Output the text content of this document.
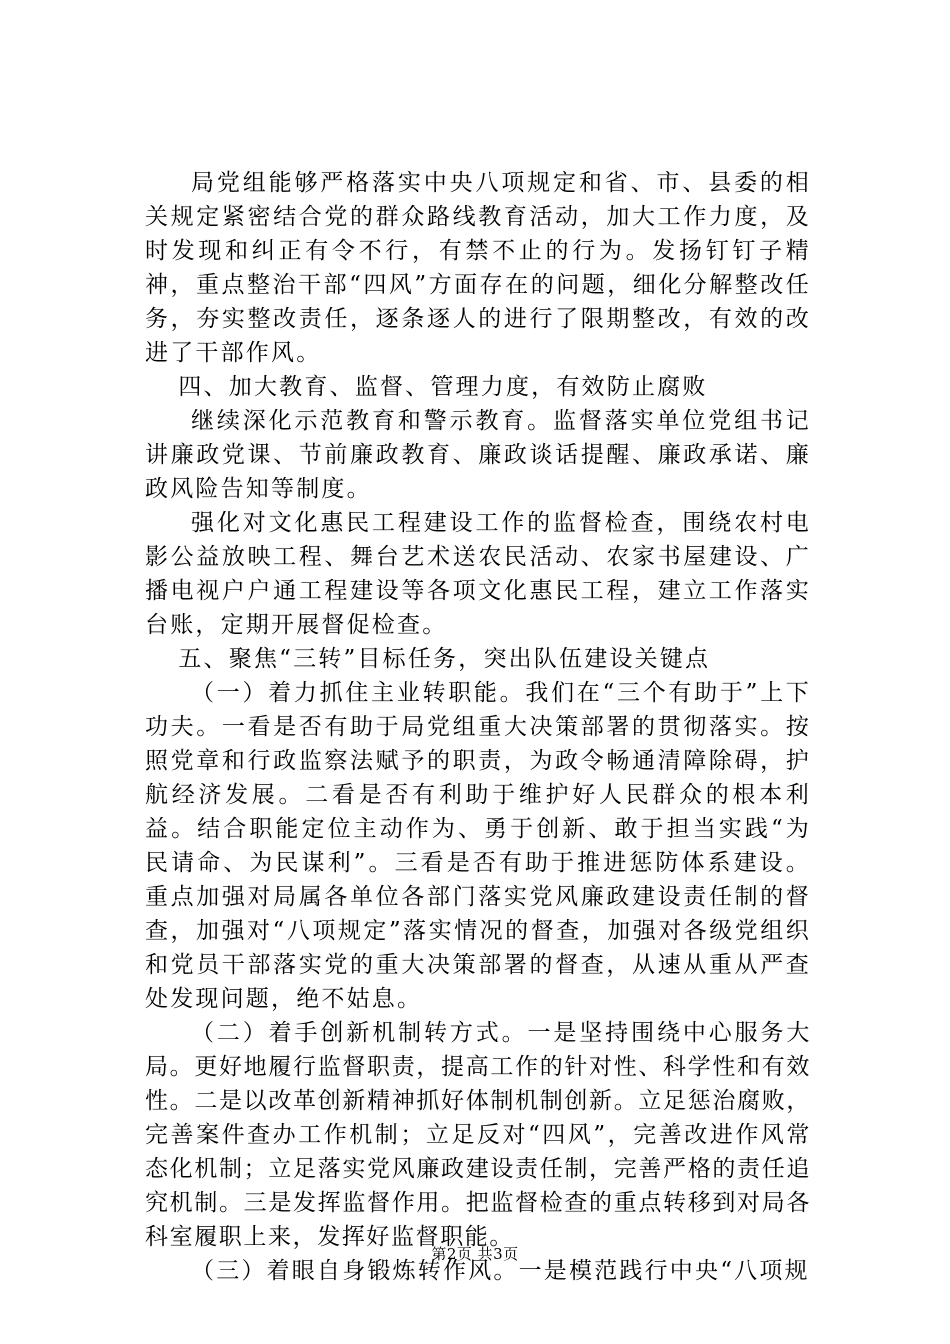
局党组能够严格落实中央八项规定和省、市、县委的相关规定紧密结合党的群众路线教育活动，加大工作力度，及时发现和纠正有令不行，有禁不止的行为。发扬钉钉子精神，重点整治干部“四风”方面存在的问题，细化分解整改任务，夯实整改责任，逐条逐人的进行了限期整改，有效的改进了干部作风。

四、加大教育、监督、管理力度，有效防止腐败

继续深化示范教育和警示教育。监督落实单位党组书记讲廉政党课、节前廉政教育、廉政谈话提醒、廉政承诺、廉政风险告知等制度。

强化对文化惠民工程建设工作的监督检查，围绕农村电影公益放映工程、舞台艺术送农民活动、农家书屋建设、广播电视户户通工程建设等各项文化惠民工程，建立工作落实台账，定期开展督促检查。

五、聚焦“三转”目标任务，突出队伍建设关键点

（一）着力抓住主业转职能。我们在“三个有助于”上下功夫。一看是否有助于局党组重大决策部署的贯彻落实。按照党章和行政监察法赋予的职责，为政令畅通清障除碍，护航经济发展。二看是否有利助于维护好人民群众的根本利益。结合职能定位主动作为、勇于创新、敢于担当实践“为民请命、为民谋利”。三看是否有助于推进惩防体系建设。重点加强对局属各单位各部门落实党风廉政建设责任制的督查，加强对“八项规定”落实情况的督查，加强对各级党组织和党员干部落实党的重大决策部署的督查，从速从重从严查处发现问题，绝不姑息。

（二）着手创新机制转方式。一是坚持围绕中心服务大局。更好地履行监督职责，提高工作的针对性、科学性和有效性。二是以改革创新精神抓好体制机制创新。立足惩治腐败，完善案件查办工作机制；立足反对“四风”，完善改进作风常态化机制；立足落实党风廉政建设责任制，完善严格的责任追究机制。三是发挥监督作用。把监督检查的重点转移到对局各科室履职上来，发挥好监督职能。

（三）着眼自身锻炼转作风。一是模范践行中央“八项规

第2页 共3页
